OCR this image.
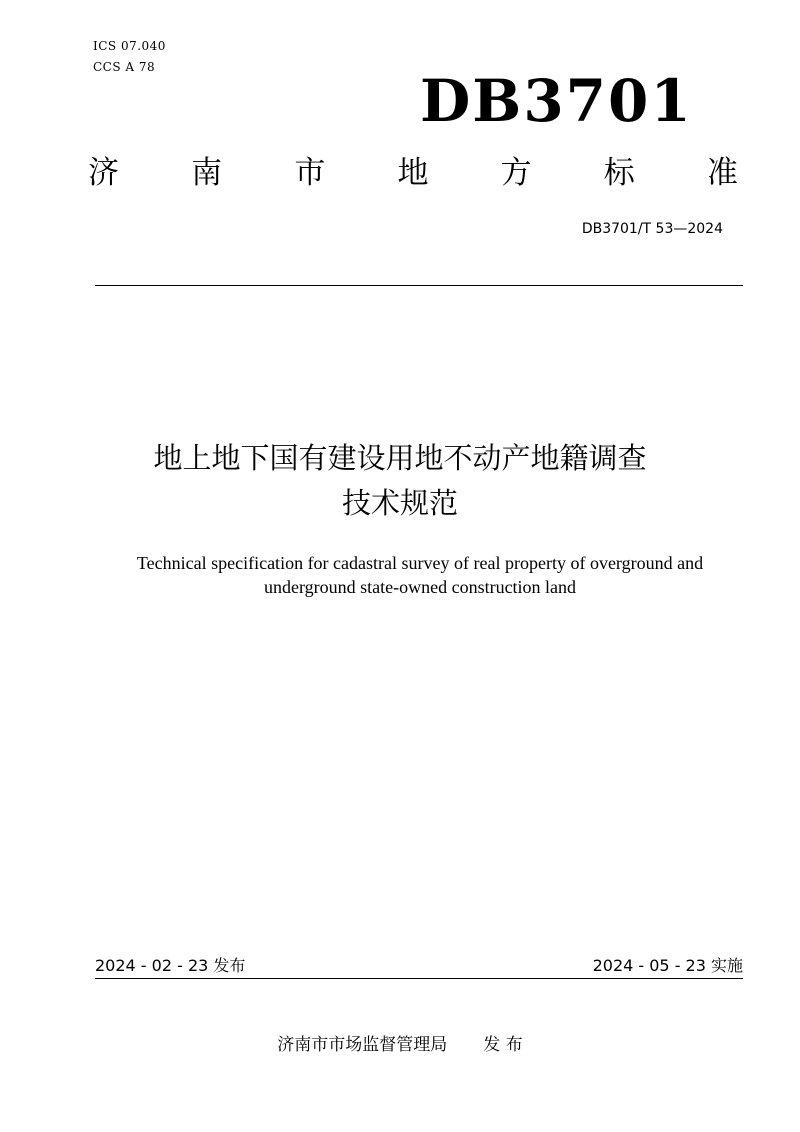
ICS 07.040
CCS A 78	DB3701
济 南 市 地 方 标 准
DB3701/T 53—2024
地上地下国有建设用地不动产地籍调查
技术规范
Technical specification for cadastral survey of real property of overground and
underground state-owned construction land
2024 - 02 - 23 发布	2024 - 05 - 23 实施
济南市市场监督管理局 发 布
